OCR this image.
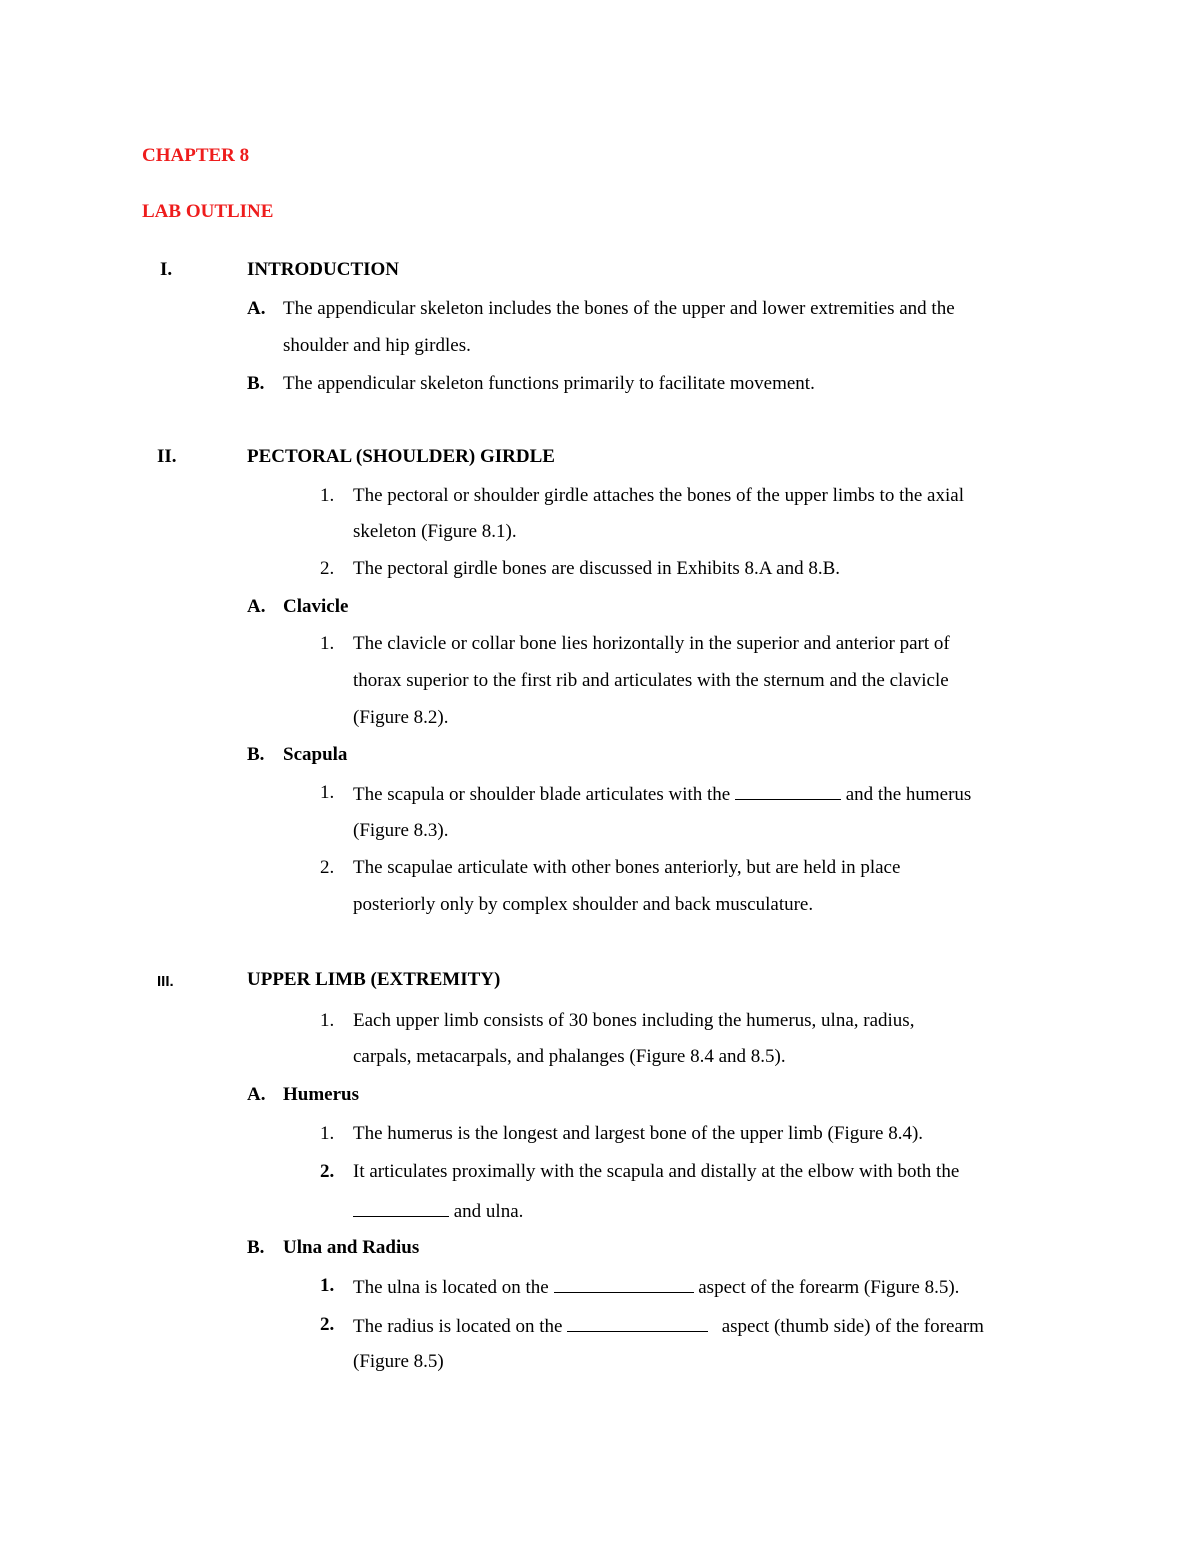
CHAPTER 8
LAB OUTLINE
I.	INTRODUCTION
A. The appendicular skeleton includes the bones of the upper and lower extremities and the
shoulder and hip girdles.
B. The appendicular skeleton functions primarily to facilitate movement.
II.	PECTORAL (SHOULDER) GIRDLE
1. The pectoral or shoulder girdle attaches the bones of the upper limbs to the axial
skeleton (Figure 8.1).
2. The pectoral girdle bones are discussed in Exhibits 8.A and 8.B.
A. Clavicle
1. The clavicle or collar bone lies horizontally in the superior and anterior part of
thorax superior to the first rib and articulates with the sternum and the clavicle
(Figure 8.2).
B. Scapula
1. The scapula or shoulder blade articulates with the	and the humerus
(Figure 8.3).
2. The scapulae articulate with other bones anteriorly, but are held in place
posteriorly only by complex shoulder and back musculature.
III.	UPPER LIMB (EXTREMITY)
1. Each upper limb consists of 30 bones including the humerus, ulna, radius,
carpals, metacarpals, and phalanges (Figure 8.4 and 8.5).
A. Humerus
1. The humerus is the longest and largest bone of the upper limb (Figure 8.4).
2. It articulates proximally with the scapula and distally at the elbow with both the
and ulna.
B. Ulna and Radius
1. The ulna is located on the	aspect of the forearm (Figure 8.5).
2. The radius is located on the	aspect (thumb side) of the forearm
(Figure 8.5)
